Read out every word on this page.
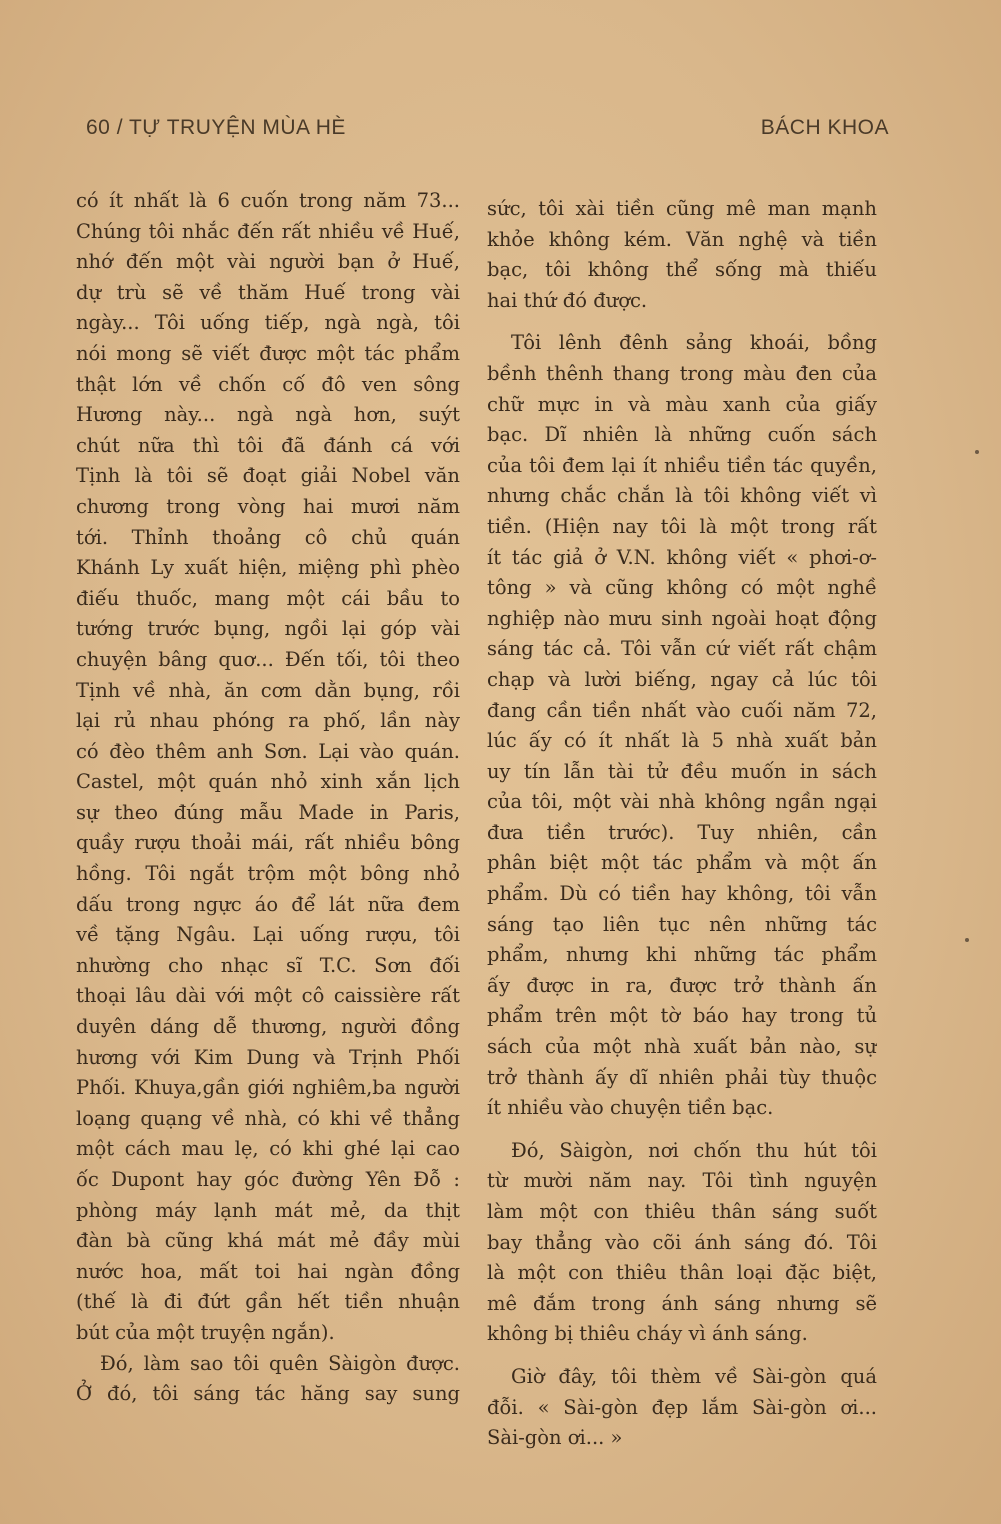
60 / TỰ TRUYỆN MÙA HÈ	BÁCH KHOA
có ít nhất là 6 cuốn trong năm 73...
Chúng tôi nhắc đến rất nhiều về Huế,
nhớ đến một vài người bạn ở Huế,
dự trù sẽ về thăm Huế trong vài
ngày... Tôi uống tiếp, ngà ngà, tôi
nói mong sẽ viết được một tác phẩm
thật lớn về chốn cố đô ven sông
Hương này... ngà ngà hơn, suýt
chút nữa thì tôi đã đánh cá với
Tịnh là tôi sẽ đoạt giải Nobel văn
chương trong vòng hai mươi năm
tới. Thỉnh thoảng cô chủ quán
Khánh Ly xuất hiện, miệng phì phèo
điếu thuốc, mang một cái bầu to
tướng trước bụng, ngồi lại góp vài
chuyện bâng quơ... Đến tối, tôi theo
Tịnh về nhà, ăn cơm dằn bụng, rồi
lại rủ nhau phóng ra phố, lần này
có đèo thêm anh Sơn. Lại vào quán.
Castel, một quán nhỏ xinh xắn lịch
sự theo đúng mẫu Made in Paris,
quầy rượu thoải mái, rất nhiều bông
hồng. Tôi ngắt trộm một bông nhỏ
dấu trong ngực áo để lát nữa đem
về tặng Ngâu. Lại uống rượu, tôi
nhường cho nhạc sĩ T.C. Sơn đối
thoại lâu dài với một cô caissière rất
duyên dáng dễ thương, người đồng
hương với Kim Dung và Trịnh Phối
Phối. Khuya,gần giới nghiêm,ba người
loạng quạng về nhà, có khi về thẳng
một cách mau lẹ, có khi ghé lại cao
ốc Dupont hay góc đường Yên Đỗ :
phòng máy lạnh mát mẻ, da thịt
đàn bà cũng khá mát mẻ đầy mùi
nước hoa, mất toi hai ngàn đồng
(thế là đi đứt gần hết tiền nhuận
bút của một truyện ngắn).
Đó, làm sao tôi quên Sàigòn được.
Ở đó, tôi sáng tác hăng say sung
sức, tôi xài tiền cũng mê man mạnh
khỏe không kém. Văn nghệ và tiền
bạc, tôi không thể sống mà thiếu
hai thứ đó được.
Tôi lênh đênh sảng khoái, bồng
bềnh thênh thang trong màu đen của
chữ mực in và màu xanh của giấy
bạc. Dĩ nhiên là những cuốn sách
của tôi đem lại ít nhiều tiền tác quyền,
nhưng chắc chắn là tôi không viết vì
tiền. (Hiện nay tôi là một trong rất
ít tác giả ở V.N. không viết « phơi-ơ-
tông » và cũng không có một nghề
nghiệp nào mưu sinh ngoài hoạt động
sáng tác cả. Tôi vẫn cứ viết rất chậm
chạp và lười biếng, ngay cả lúc tôi
đang cần tiền nhất vào cuối năm 72,
lúc ấy có ít nhất là 5 nhà xuất bản
uy tín lẫn tài tử đều muốn in sách
của tôi, một vài nhà không ngần ngại
đưa tiền trước). Tuy nhiên, cần
phân biệt một tác phẩm và một ấn
phẩm. Dù có tiền hay không, tôi vẫn
sáng tạo liên tục nên những tác
phẩm, nhưng khi những tác phẩm
ấy được in ra, được trở thành ấn
phẩm trên một tờ báo hay trong tủ
sách của một nhà xuất bản nào, sự
trở thành ấy dĩ nhiên phải tùy thuộc
ít nhiều vào chuyện tiền bạc.
Đó, Sàigòn, nơi chốn thu hút tôi
từ mười năm nay. Tôi tình nguyện
làm một con thiêu thân sáng suốt
bay thẳng vào cõi ánh sáng đó. Tôi
là một con thiêu thân loại đặc biệt,
mê đắm trong ánh sáng nhưng sẽ
không bị thiêu cháy vì ánh sáng.
Giờ đây, tôi thèm về Sài-gòn quá
đỗi. « Sài-gòn đẹp lắm Sài-gòn ơi...
Sài-gòn ơi... »
